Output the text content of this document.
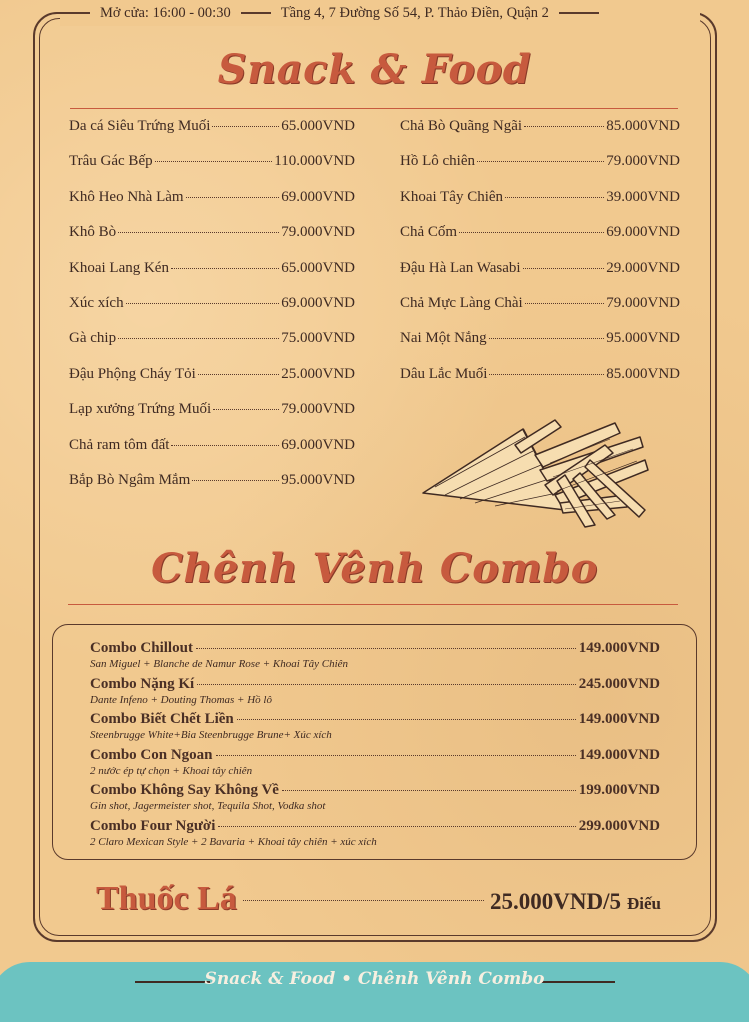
Mở cửa: 16:00 - 00:30	Tầng 4, 7 Đường Số 54, P. Thảo Điền, Quận 2
Snack & Food
Da cá Siêu Trứng Muối	65.000VND
Trâu Gác Bếp	110.000VND
Khô Heo Nhà Làm	69.000VND
Khô Bò	79.000VND
Khoai Lang Kén	65.000VND
Xúc xích	69.000VND
Gà chip	75.000VND
Đậu Phộng Cháy Tỏi	25.000VND
Lạp xưởng Trứng Muối	79.000VND
Chả ram tôm đất	69.000VND
Bắp Bò Ngâm Mắm	95.000VND
Chả Bò Quãng Ngãi	85.000VND
Hồ Lô chiên	79.000VND
Khoai Tây Chiên	39.000VND
Chả Cốm	69.000VND
Đậu Hà Lan Wasabi	29.000VND
Chả Mực Làng Chài	79.000VND
Nai Một Nắng	95.000VND
Dâu Lắc Muối	85.000VND
Chênh Vênh Combo
Combo Chillout	149.000VND
San Miguel + Blanche de Namur Rose + Khoai Tây Chiên
Combo Nặng Kí	245.000VND
Dante Infeno + Douting Thomas + Hồ lô
Combo Biết Chết Liền	149.000VND
Steenbrugge White+Bia Steenbrugge Brune+ Xúc xích
Combo Con Ngoan	149.000VND
2 nước ép tự chọn + Khoai tây chiên
Combo Không Say Không Về	199.000VND
Gin shot, Jagermeister shot, Tequila Shot, Vodka shot
Combo Four Người	299.000VND
2 Claro Mexican Style + 2 Bavaria + Khoai tây chiên + xúc xích
Thuốc Lá	25.000VND/5 Điếu
Snack & Food • Chênh Vênh Combo
